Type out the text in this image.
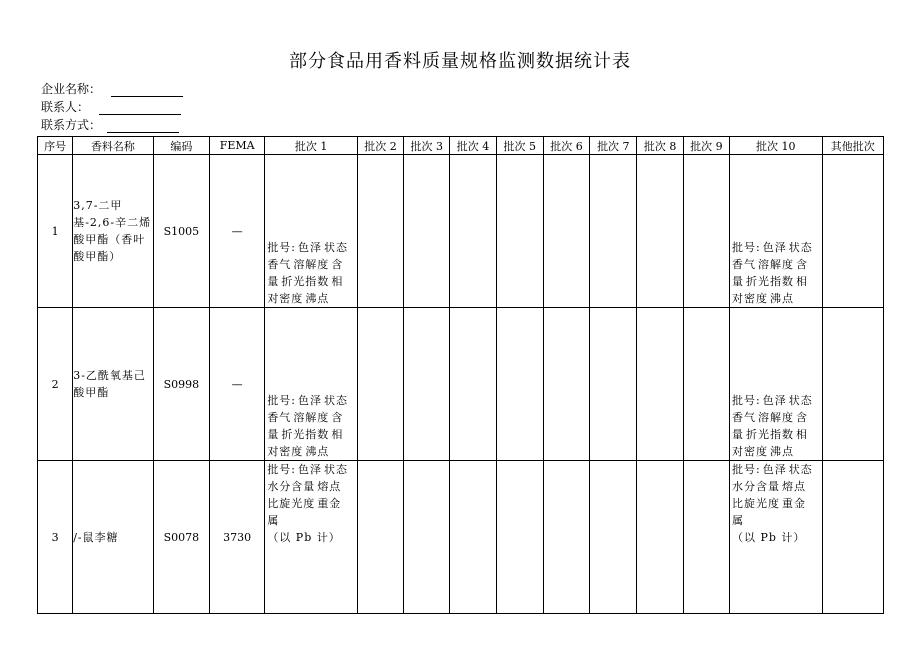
部分食品用香料质量规格监测数据统计表
企业名称：
联系人：
联系方式：
序号	香料名称	编码	FEMA	批次 1	批次 2	批次 3	批次 4	批次 5	批次 6	批次 7	批次 8	批次 9	批次 10	其他批次
1	3,7-二甲基-2,6-辛二烯酸甲酯（香叶酸甲酯）	S1005	—	批号: 色泽 状态香气 溶解度 含量 折光指数 相对密度 沸点									批号: 色泽 状态香气 溶解度 含量 折光指数 相对密度 沸点	

2	3-乙酰氧基己酸甲酯	S0998	—	批号: 色泽 状态香气 溶解度 含量 折光指数 相对密度 沸点									批号: 色泽 状态香气 溶解度 含量 折光指数 相对密度 沸点	

3	/-鼠李糖	S0078	3730	批号: 色泽 状态水分含量 熔点比旋光度 重金属（以 Pb 计）									批号: 色泽 状态水分含量 熔点比旋光度 重金属（以 Pb 计）	
